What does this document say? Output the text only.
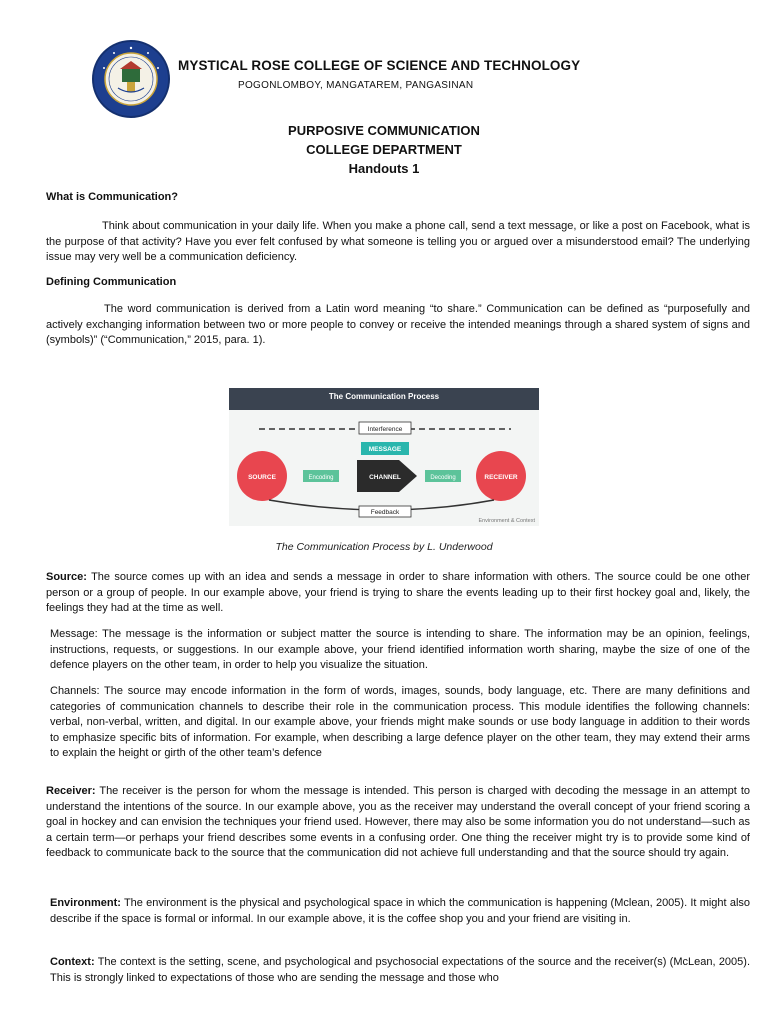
MYSTICAL ROSE COLLEGE OF SCIENCE AND TECHNOLOGY
POGONLOMBOY, MANGATAREM, PANGASINAN
PURPOSIVE COMMUNICATION
COLLEGE DEPARTMENT
Handouts 1
What is Communication?
Think about communication in your daily life. When you make a phone call, send a text message, or like a post on Facebook, what is the purpose of that activity? Have you ever felt confused by what someone is telling you or argued over a misunderstood email? The underlying issue may very well be a communication deficiency.
Defining Communication
The word communication is derived from a Latin word meaning “to share.” Communication can be defined as “purposefully and actively exchanging information between two or more people to convey or receive the intended meanings through a shared system of signs and (symbols)” (“Communication,” 2015, para. 1).
The Communication Process
Interference
MESSAGE
SOURCE	Encoding	CHANNEL	Decoding	RECEIVER
Feedback
Environment & Context
The Communication Process by L. Underwood
Source: The source comes up with an idea and sends a message in order to share information with others. The source could be one other person or a group of people. In our example above, your friend is trying to share the events leading up to their first hockey goal and, likely, the feelings they had at the time as well.
Message: The message is the information or subject matter the source is intending to share. The information may be an opinion, feelings, instructions, requests, or suggestions. In our example above, your friend identified information worth sharing, maybe the size of one of the defence players on the other team, in order to help you visualize the situation.
Channels: The source may encode information in the form of words, images, sounds, body language, etc. There are many definitions and categories of communication channels to describe their role in the communication process. This module identifies the following channels: verbal, non-verbal, written, and digital. In our example above, your friends might make sounds or use body language in addition to their words to emphasize specific bits of information. For example, when describing a large defence player on the other team, they may extend their arms to explain the height or girth of the other team’s defence
Receiver: The receiver is the person for whom the message is intended. This person is charged with decoding the message in an attempt to understand the intentions of the source. In our example above, you as the receiver may understand the overall concept of your friend scoring a goal in hockey and can envision the techniques your friend used. However, there may also be some information you do not understand—such as a certain term—or perhaps your friend describes some events in a confusing order. One thing the receiver might try is to provide some kind of feedback to communicate back to the source that the communication did not achieve full understanding and that the source should try again.
Environment: The environment is the physical and psychological space in which the communication is happening (Mclean, 2005). It might also describe if the space is formal or informal. In our example above, it is the coffee shop you and your friend are visiting in.
Context: The context is the setting, scene, and psychological and psychosocial expectations of the source and the receiver(s) (McLean, 2005). This is strongly linked to expectations of those who are sending the message and those who
